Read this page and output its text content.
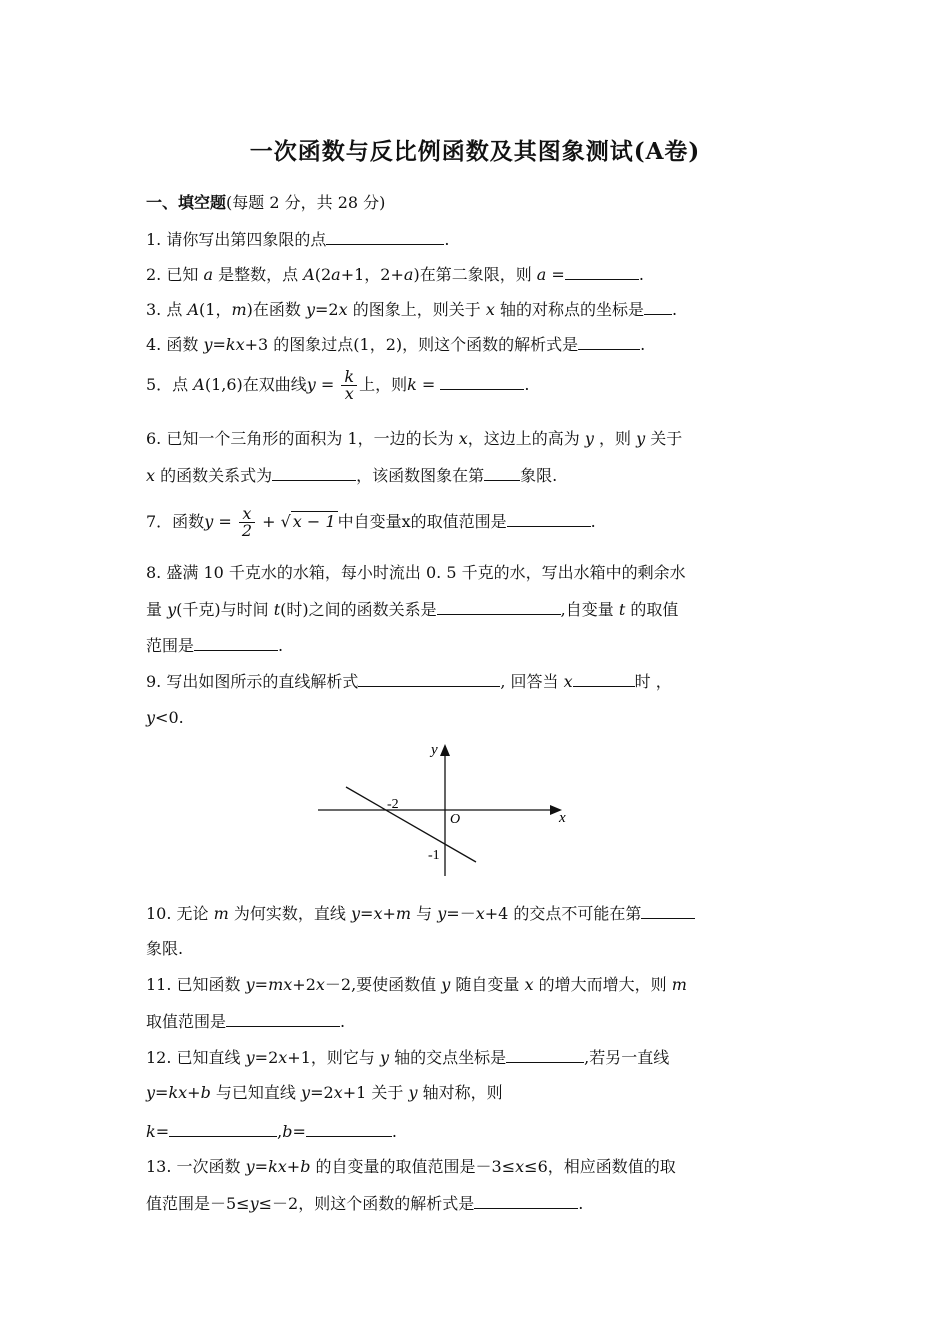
一次函数与反比例函数及其图象测试(A卷)
一、填空题(每题 2 分，共 28 分)
1. 请你写出第四象限的点	.
2. 已知 a 是整数，点 A(2a+1，2+a)在第二象限，则 a =	.
3. 点 A(1，m)在函数 y=2x 的图象上，则关于 x 轴的对称点的坐标是 .
4. 函数 y=kx+3 的图象过点(1，2)，则这个函数的解析式是	.
5．点 A(1,6)在双曲线$y = \frac{k}{x}$ 上，则k =	.
6. 已知一个三角形的面积为 1，一边的长为 x，这边上的高为 y ，则 y 关于
x 的函数关系式为	，该函数图象在第 象限.
7．函数$y = \frac{x}{2}$ + √ x − 1 中自变量x的取值范围是	.
8. 盛满 10 千克水的水箱，每小时流出 0. 5 千克的水，写出水箱中的剩余水
量 y(千克)与时间 t(时)之间的函数关系是	,自变量 t 的取值
范围是	.
9. 写出如图所示的直线解析式	, 回答当 x	时 ，
y<0.
y
x
O
-2
-1
10. 无论 m 为何实数，直线 y=x+m 与 y=－x+4 的交点不可能在第
象限.
11. 已知函数 y=mx+2x－2,要使函数值 y 随自变量 x 的增大而增大，则 m
取值范围是	.
12. 已知直线 y=2x+1，则它与 y 轴的交点坐标是	,若另一直线
y=kx+b 与已知直线 y=2x+1 关于 y 轴对称，则
k=	,b=	.
13. 一次函数 y=kx+b 的自变量的取值范围是－3≤x≤6，相应函数值的取
值范围是－5≤y≤－2，则这个函数的解析式是	.
